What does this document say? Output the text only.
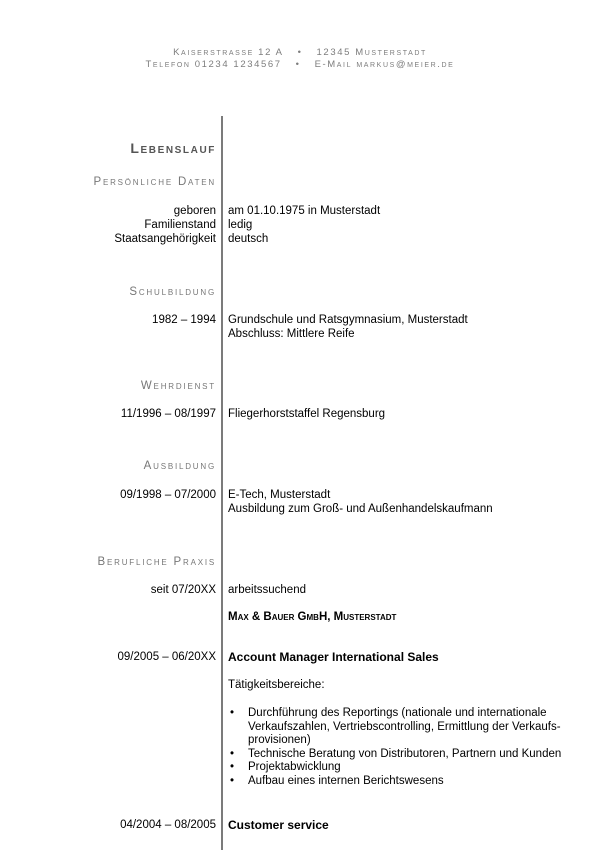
Kaiserstrasse 12 A • 12345 Musterstadt
Telefon 01234 1234567 • E-Mail markus@meier.de
Lebenslauf
Persönliche Daten
geboren
Familienstand
Staatsangehörigkeit
am 01.10.1975 in Musterstadt
ledig
deutsch
Schulbildung
1982 – 1994 Grundschule und Ratsgymnasium, Musterstadt
Abschluss: Mittlere Reife
Wehrdienst
11/1996 – 08/1997 Fliegerhorststaffel Regensburg
Ausbildung
09/1998 – 07/2000 E-Tech, Musterstadt
Ausbildung zum Groß- und Außenhandelskaufmann
Berufliche Praxis
seit 07/20XX arbeitssuchend
Max & Bauer GmbH, Musterstadt
09/2005 – 06/20XX Account Manager International Sales
Tätigkeitsbereiche:
• Durchführung des Reportings (nationale und internationale Verkaufszahlen, Vertriebscontrolling, Ermittlung der Verkaufs-provisionen)
• Technische Beratung von Distributoren, Partnern und Kunden
• Projektabwicklung
• Aufbau eines internen Berichtswesens
04/2004 – 08/2005 Customer service
